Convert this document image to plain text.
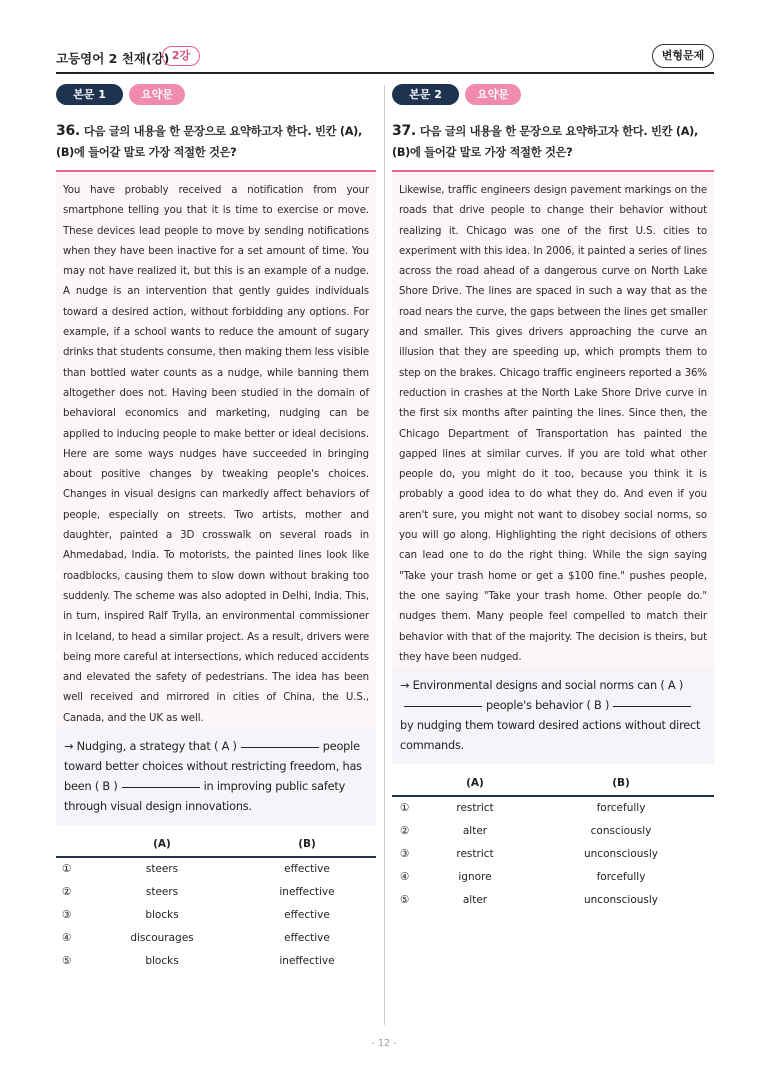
고등영어 2 천재(강) 2강	변형문제
본문 1	요약문
36. 다음 글의 내용을 한 문장으로 요약하고자 한다. 빈칸 (A), (B)에 들어갈 말로 가장 적절한 것은?
You have probably received a notification from your smartphone telling you that it is time to exercise or move. These devices lead people to move by sending notifications when they have been inactive for a set amount of time. You may not have realized it, but this is an example of a nudge. A nudge is an intervention that gently guides individuals toward a desired action, without forbidding any options. For example, if a school wants to reduce the amount of sugary drinks that students consume, then making them less visible than bottled water counts as a nudge, while banning them altogether does not. Having been studied in the domain of behavioral economics and marketing, nudging can be applied to inducing people to make better or ideal decisions. Here are some ways nudges have succeeded in bringing about positive changes by tweaking people's choices. Changes in visual designs can markedly affect behaviors of people, especially on streets. Two artists, mother and daughter, painted a 3D crosswalk on several roads in Ahmedabad, India. To motorists, the painted lines look like roadblocks, causing them to slow down without braking too suddenly. The scheme was also adopted in Delhi, India. This, in turn, inspired Ralf Trylla, an environmental commissioner in Iceland, to head a similar project. As a result, drivers were being more careful at intersections, which reduced accidents and elevated the safety of pedestrians. The idea has been well received and mirrored in cities of China, the U.S., Canada, and the UK as well.
→ Nudging, a strategy that ( A )	people toward better choices without restricting freedom, has been ( B )	in improving public safety through visual design innovations.
(A)	(B)
①	steers	effective
②	steers	ineffective
③	blocks	effective
④	discourages	effective
⑤	blocks	ineffective
본문 2	요약문
37. 다음 글의 내용을 한 문장으로 요약하고자 한다. 빈칸 (A), (B)에 들어갈 말로 가장 적절한 것은?
Likewise, traffic engineers design pavement markings on the roads that drive people to change their behavior without realizing it. Chicago was one of the first U.S. cities to experiment with this idea. In 2006, it painted a series of lines across the road ahead of a dangerous curve on North Lake Shore Drive. The lines are spaced in such a way that as the road nears the curve, the gaps between the lines get smaller and smaller. This gives drivers approaching the curve an illusion that they are speeding up, which prompts them to step on the brakes. Chicago traffic engineers reported a 36% reduction in crashes at the North Lake Shore Drive curve in the first six months after painting the lines. Since then, the Chicago Department of Transportation has painted the gapped lines at similar curves. If you are told what other people do, you might do it too, because you think it is probably a good idea to do what they do. And even if you aren't sure, you might not want to disobey social norms, so you will go along. Highlighting the right decisions of others can lead one to do the right thing. While the sign saying "Take your trash home or get a $100 fine." pushes people, the one saying "Take your trash home. Other people do." nudges them. Many people feel compelled to match their behavior with that of the majority. The decision is theirs, but they have been nudged.
→ Environmental designs and social norms can ( A )
people's behavior ( B )
by nudging them toward desired actions without direct commands.
(A)	(B)
①	restrict	forcefully
②	alter	consciously
③	restrict	unconsciously
④	ignore	forcefully
⑤	alter	unconsciously
- 12 -
